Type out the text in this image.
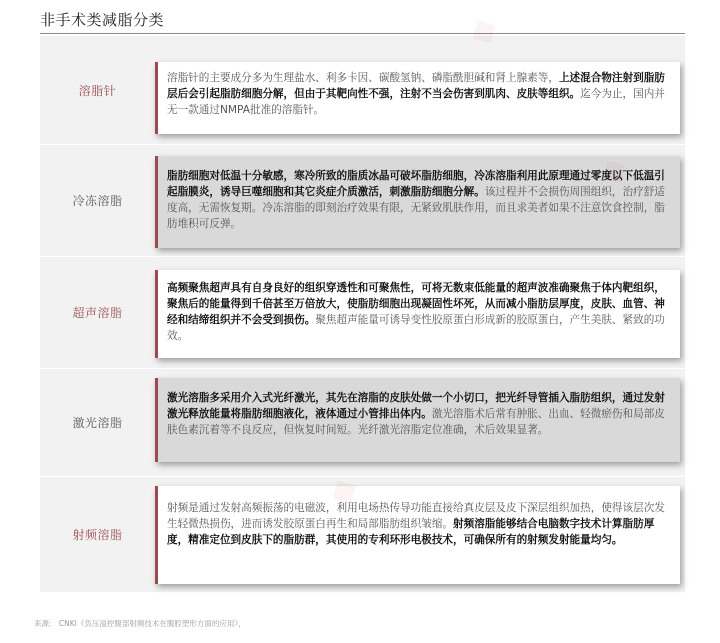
非手术类减脂分类
溶脂针
溶脂针的主要成分多为生理盐水、利多卡因、碳酸氢钠、磷脂酰胆碱和肾上腺素等，上述混合物注射到脂肪层后会引起脂肪细胞分解，但由于其靶向性不强，注射不当会伤害到肌肉、皮肤等组织。迄今为止，国内并无一款通过NMPA批准的溶脂针。
冷冻溶脂
脂肪细胞对低温十分敏感，寒冷所致的脂质冰晶可破坏脂肪细胞，冷冻溶脂利用此原理通过零度以下低温引起脂膜炎，诱导巨噬细胞和其它炎症介质激活，刺激脂肪细胞分解。该过程并不会损伤周围组织，治疗舒适度高，无需恢复期。冷冻溶脂的即刻治疗效果有限，无紧致肌肤作用，而且求美者如果不注意饮食控制，脂肪堆积可反弹。
超声溶脂
高频聚焦超声具有自身良好的组织穿透性和可聚焦性，可将无数束低能量的超声波准确聚焦于体内靶组织，聚焦后的能量得到千倍甚至万倍放大，使脂肪细胞出现凝固性坏死，从而减小脂肪层厚度，皮肤、血管、神经和结缔组织并不会受到损伤。聚焦超声能量可诱导变性胶原蛋白形成新的胶原蛋白，产生美肤、紧致的功效。
激光溶脂
激光溶脂多采用介入式光纤激光，其先在溶脂的皮肤处做一个小切口，把光纤导管插入脂肪组织，通过发射激光释放能量将脂肪细胞液化，液体通过小管排出体内。激光溶脂术后常有肿胀、出血、轻微瘀伤和局部皮肤色素沉着等不良反应，但恢复时间短。光纤激光溶脂定位准确，术后效果显著。
射频溶脂
射频是通过发射高频振荡的电磁波，利用电场热传导功能直接给真皮层及皮下深层组织加热，使得该层次发生轻微热损伤，进而诱发胶原蛋白再生和局部脂肪组织皱缩。射频溶脂能够结合电脑数字技术计算脂肪厚度，精准定位到皮肤下的脂肪群，其使用的专利环形电极技术，可确保所有的射频发射能量均匀。
来源： CNKI《负压溢控腹部射频技术在腹腔塑形方面的应用》，
◆
◆
◆
